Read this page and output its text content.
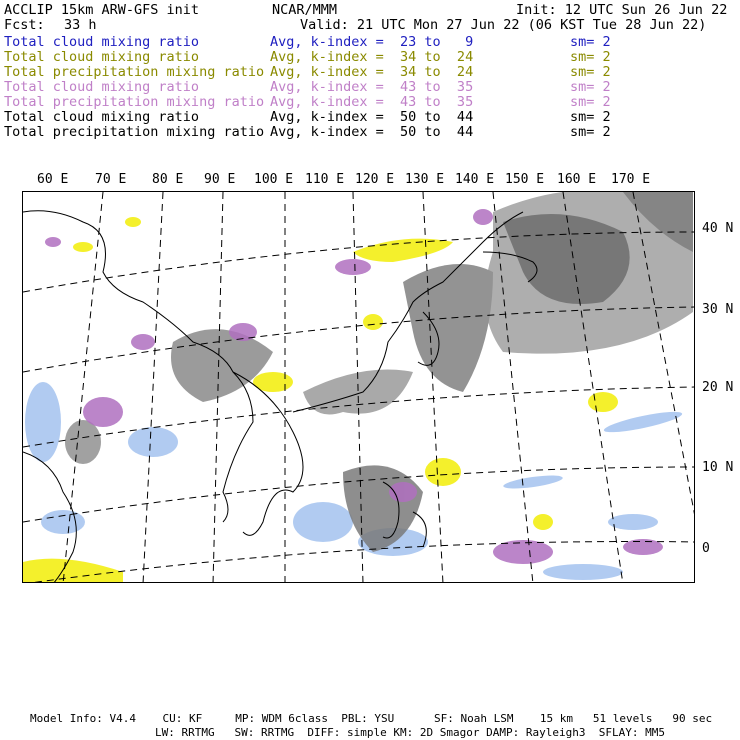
ACCLIP 15km ARW-GFS init	NCAR/MMM	Init: 12 UTC Sun 26 Jun 22
Fcst: 33 h	Valid: 21 UTC Mon 27 Jun 22 (06 KST Tue 28 Jun 22)
Total cloud mixing ratio	Avg, k-index =  23 to   9	sm= 2
Total cloud mixing ratio	Avg, k-index =  34 to  24	sm= 2
Total precipitation mixing ratio Avg, k-index =  34 to  24	sm= 2
Total cloud mixing ratio	Avg, k-index =  43 to  35	sm= 2
Total precipitation mixing ratio Avg, k-index =  43 to  35	sm= 2
Total cloud mixing ratio	Avg, k-index =  50 to  44	sm= 2
Total precipitation mixing ratio Avg, k-index =  50 to  44	sm= 2
60 E 70 E 80 E 90 E 100 E 110 E 120 E 130 E 140 E 150 E 160 E 170 E
40 N
30 N
20 N
10 N
0
Model Info: V4.4    CU: KF     MP: WDM 6class  PBL: YSU      SF: Noah LSM    15 km   51 levels   90 sec
LW: RRTMG   SW: RRTMG  DIFF: simple KM: 2D Smagor DAMP: Rayleigh3  SFLAY: MM5
